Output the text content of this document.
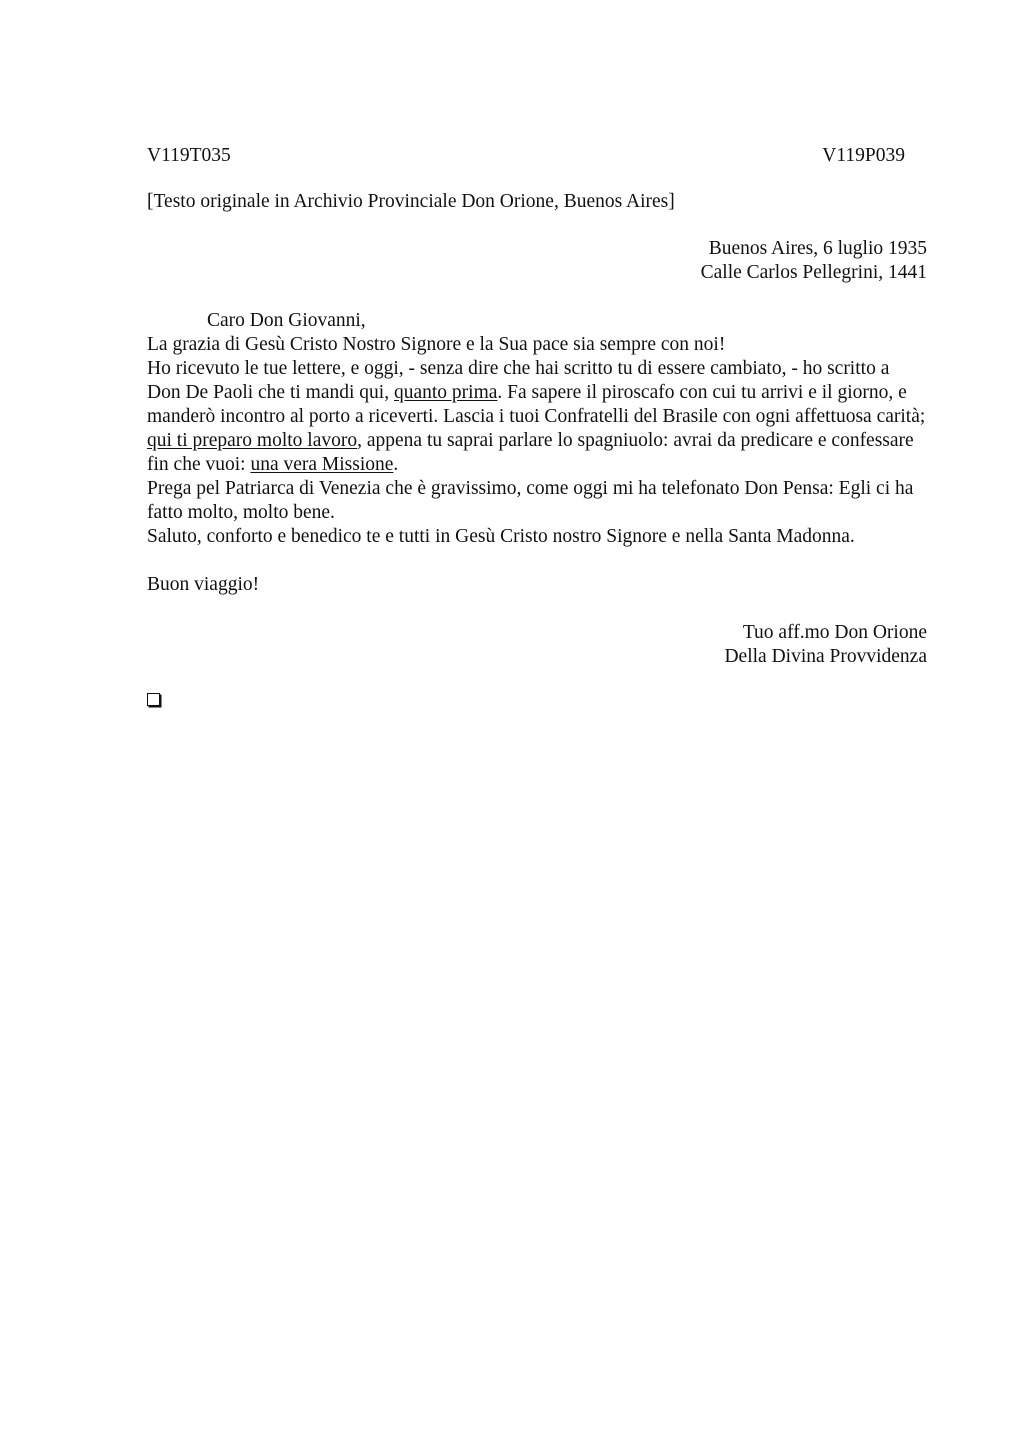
V119T035	V119P039
[Testo originale in Archivio Provinciale Don Orione, Buenos Aires]
Buenos Aires, 6 luglio 1935
Calle Carlos Pellegrini, 1441
Caro Don Giovanni,

La grazia di Gesù Cristo Nostro Signore e la Sua pace sia sempre con noi!

Ho ricevuto le tue lettere, e oggi, - senza dire che hai scritto tu di essere cambiato, - ho scritto a Don De Paoli che ti mandi qui, quanto prima. Fa sapere il piroscafo con cui tu arrivi e il giorno, e manderò incontro al porto a riceverti. Lascia i tuoi Confratelli del Brasile con ogni affettuosa carità; qui ti preparo molto lavoro, appena tu saprai parlare lo spagniuolo: avrai da predicare e confessare fin che vuoi: una vera Missione.

Prega pel Patriarca di Venezia che è gravissimo, come oggi mi ha telefonato Don Pensa: Egli ci ha fatto molto, molto bene.

Saluto, conforto e benedico te e tutti in Gesù Cristo nostro Signore e nella Santa Madonna.

Buon viaggio!
Tuo aff.mo Don Orione
Della Divina Provvidenza
